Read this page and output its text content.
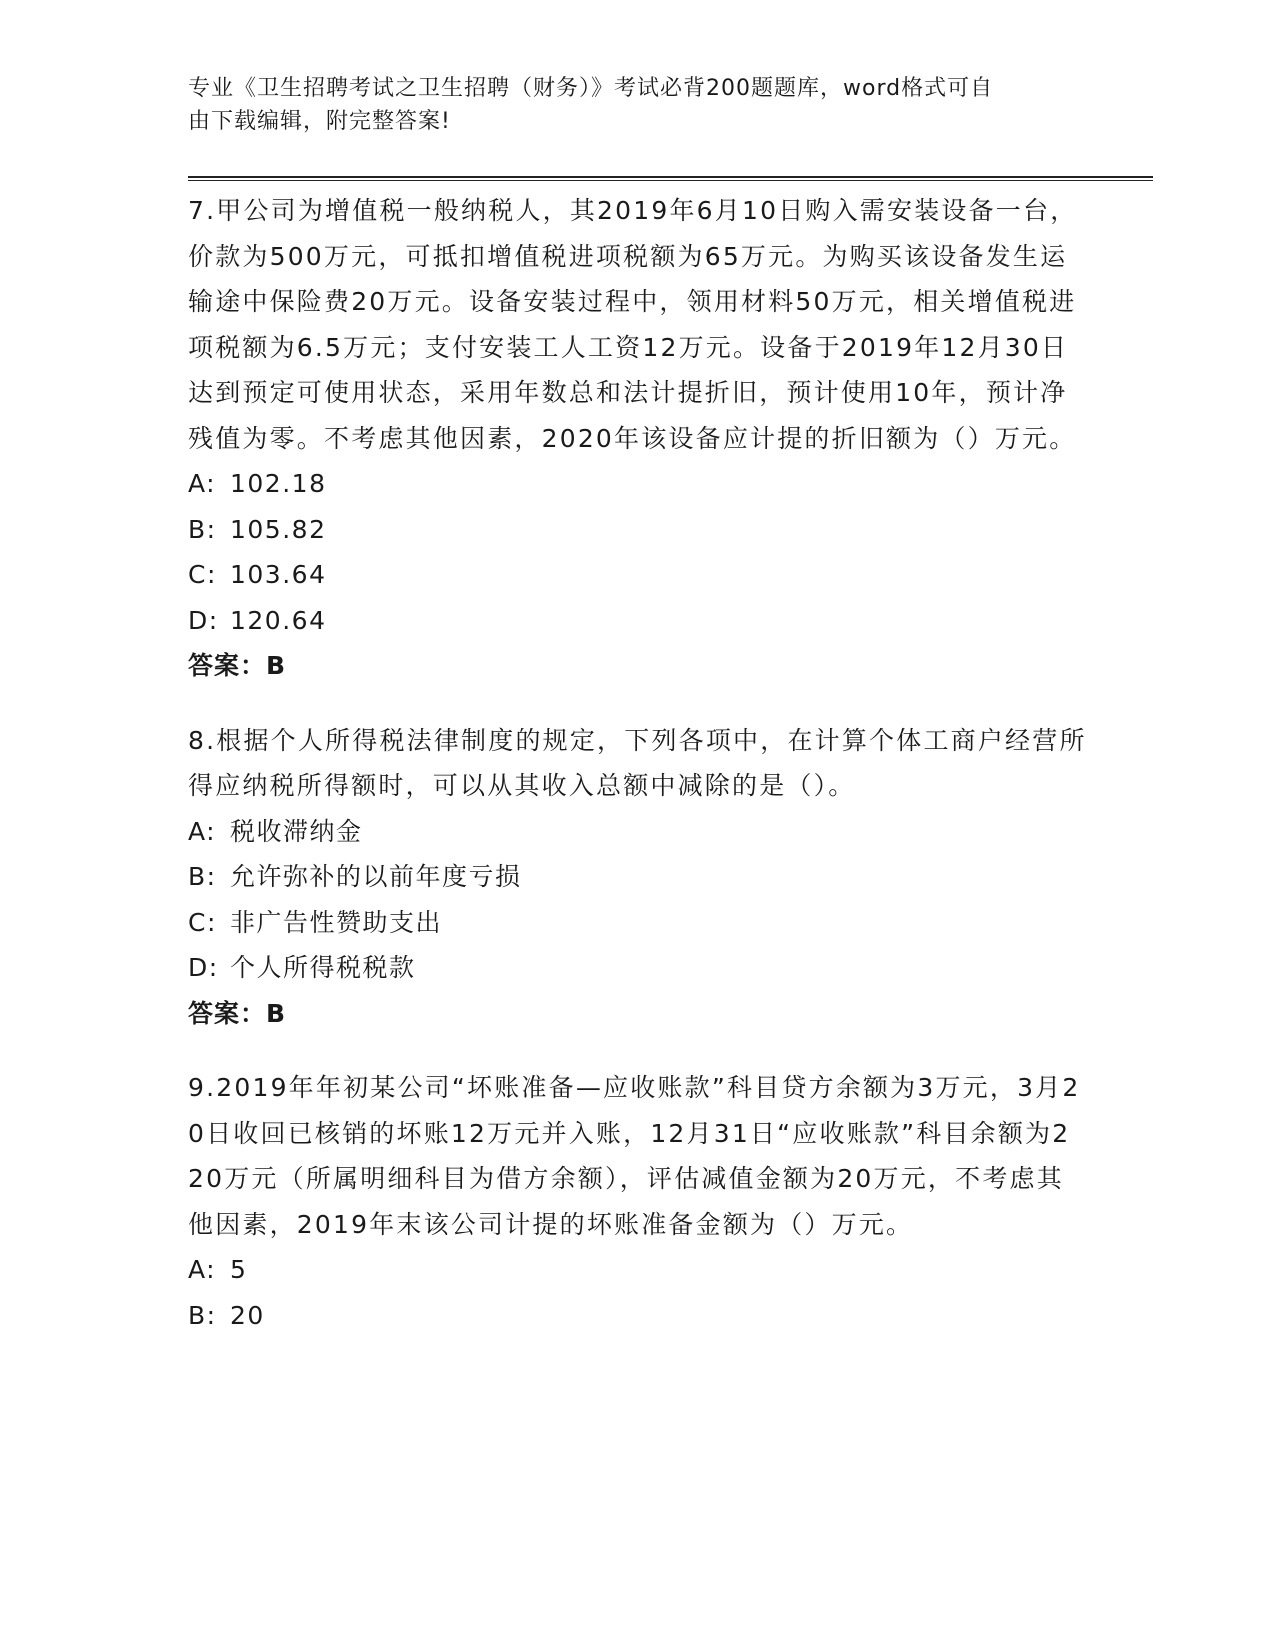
专业《卫生招聘考试之卫生招聘（财务）》考试必背200题题库，word格式可自
由下载编辑，附完整答案!

7.甲公司为增值税一般纳税人，其2019年6月10日购入需安装设备一台，价款为500万元，可抵扣增值税进项税额为65万元。为购买该设备发生运输途中保险费20万元。设备安装过程中，领用材料50万元，相关增值税进项税额为6.5万元；支付安装工人工资12万元。设备于2019年12月30日达到预定可使用状态，采用年数总和法计提折旧，预计使用10年，预计净残值为零。不考虑其他因素，2020年该设备应计提的折旧额为（）万元。

A: 102.18
B: 105.82
C: 103.64
D: 120.64
答案：B

8.根据个人所得税法律制度的规定，下列各项中，在计算个体工商户经营所得应纳税所得额时，可以从其收入总额中减除的是（）。

A: 税收滞纳金
B: 允许弥补的以前年度亏损
C: 非广告性赞助支出
D: 个人所得税税款
答案：B

9.2019年年初某公司“坏账准备—应收账款”科目贷方余额为3万元，3月20日收回已核销的坏账12万元并入账，12月31日“应收账款”科目余额为220万元（所属明细科目为借方余额），评估减值金额为20万元，不考虑其他因素，2019年末该公司计提的坏账准备金额为（）万元。

A: 5
B: 20
